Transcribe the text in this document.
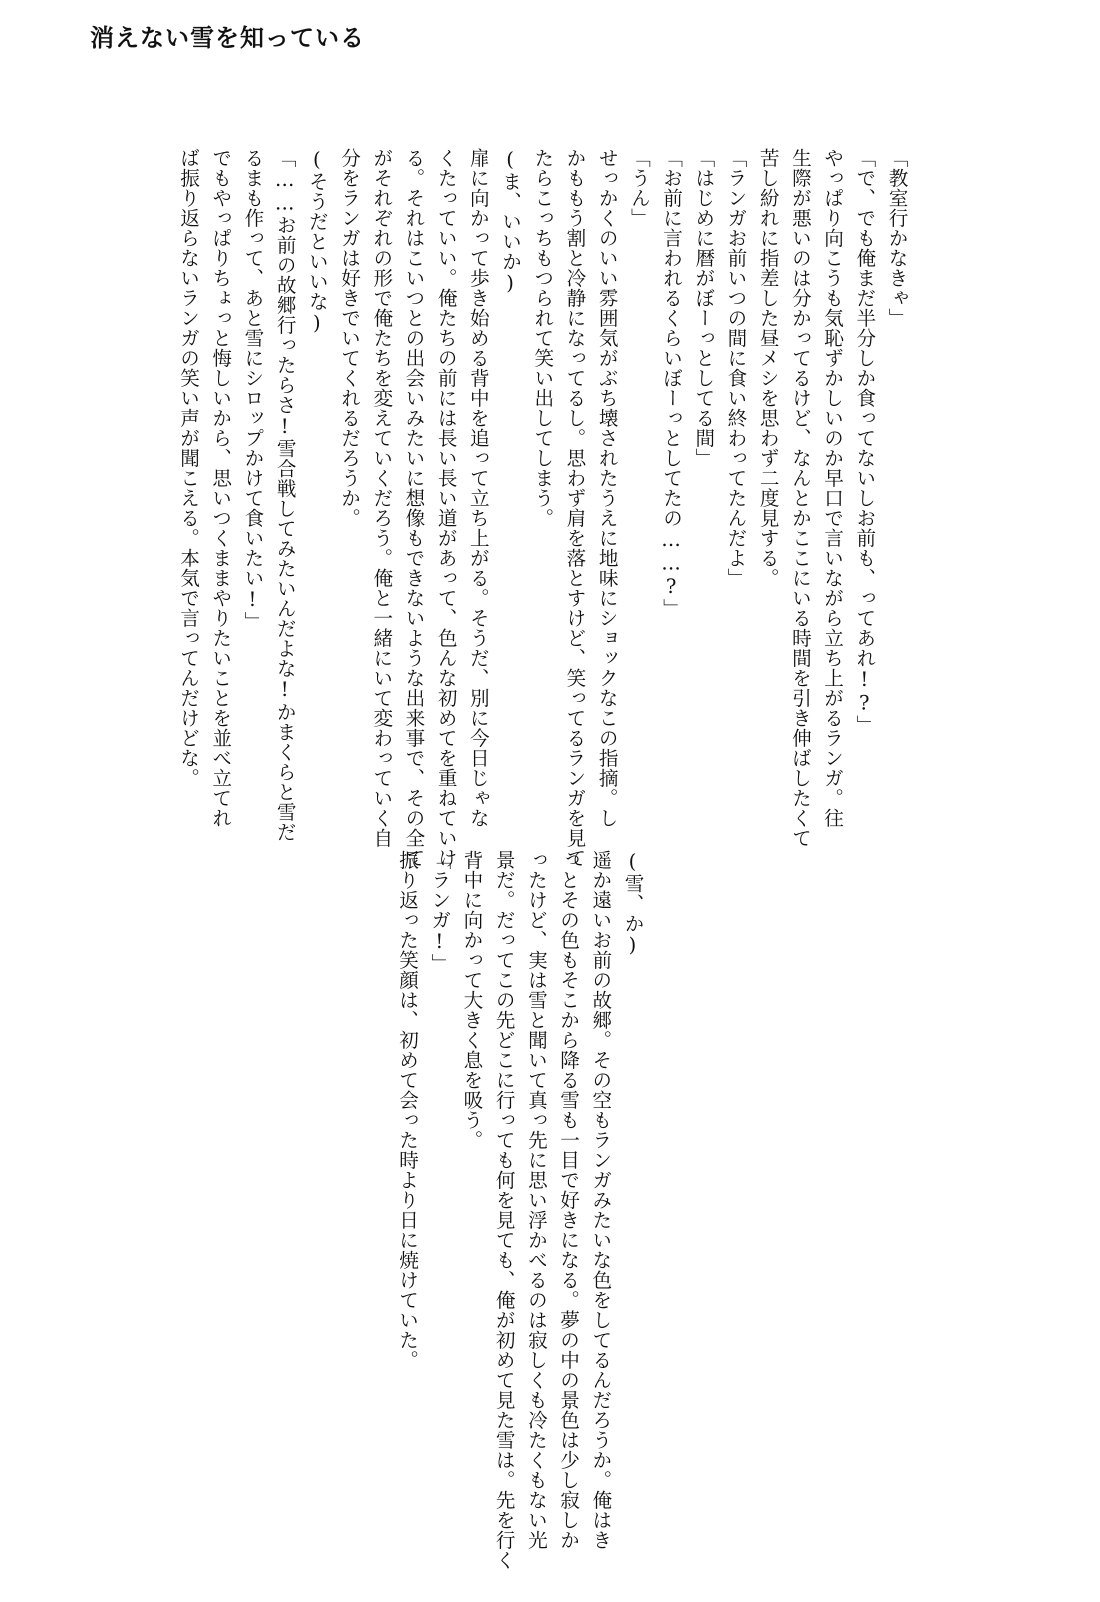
消えない雪を知っている
「教室行かなきゃ」
「で、でも俺まだ半分しか食ってないしお前も、ってあれ!?」
やっぱり向こうも気恥ずかしいのか早口で言いながら立ち上がるランガ。往
生際が悪いのは分かってるけど、なんとかここにいる時間を引き伸ばしたくて
苦し紛れに指差した昼メシを思わず二度見する。
「ランガお前いつの間に食い終わってたんだよ」
「はじめに暦がぼーっとしてる間」
「お前に言われるくらいぼーっとしてたの……?」
「うん」
せっかくのいい雰囲気がぶち壊されたうえに地味にショックなこの指摘。し
かももう割と冷静になってるし。思わず肩を落とすけど、笑ってるランガを見て
たらこっちもつられて笑い出してしまう。
(ま、いいか)
扉に向かって歩き始める背中を追って立ち上がる。そうだ、別に今日じゃな
くたっていい。俺たちの前には長い長い道があって、色んな初めてを重ねていけ
る。それはこいつとの出会いみたいに想像もできないような出来事で、その全て
がそれぞれの形で俺たちを変えていくだろう。俺と一緒にいて変わっていく自
分をランガは好きでいてくれるだろうか。
(そうだといいな)
「……お前の故郷行ったらさ!雪合戦してみたいんだよな!かまくらと雪だ
るまも作って、あと雪にシロップかけて食いたい!」
でもやっぱりちょっと悔しいから、思いつくままやりたいことを並べ立てれ
ば振り返らないランガの笑い声が聞こえる。本気で言ってんだけどな。
(雪、か)
遥か遠いお前の故郷。その空もランガみたいな色をしてるんだろうか。俺はき
っとその色もそこから降る雪も一目で好きになる。夢の中の景色は少し寂しか
ったけど、実は雪と聞いて真っ先に思い浮かべるのは寂しくも冷たくもない光
景だ。だってこの先どこに行っても何を見ても、俺が初めて見た雪は。先を行く
背中に向かって大きく息を吸う。
「ランガ!」
振り返った笑顔は、初めて会った時より日に焼けていた。
